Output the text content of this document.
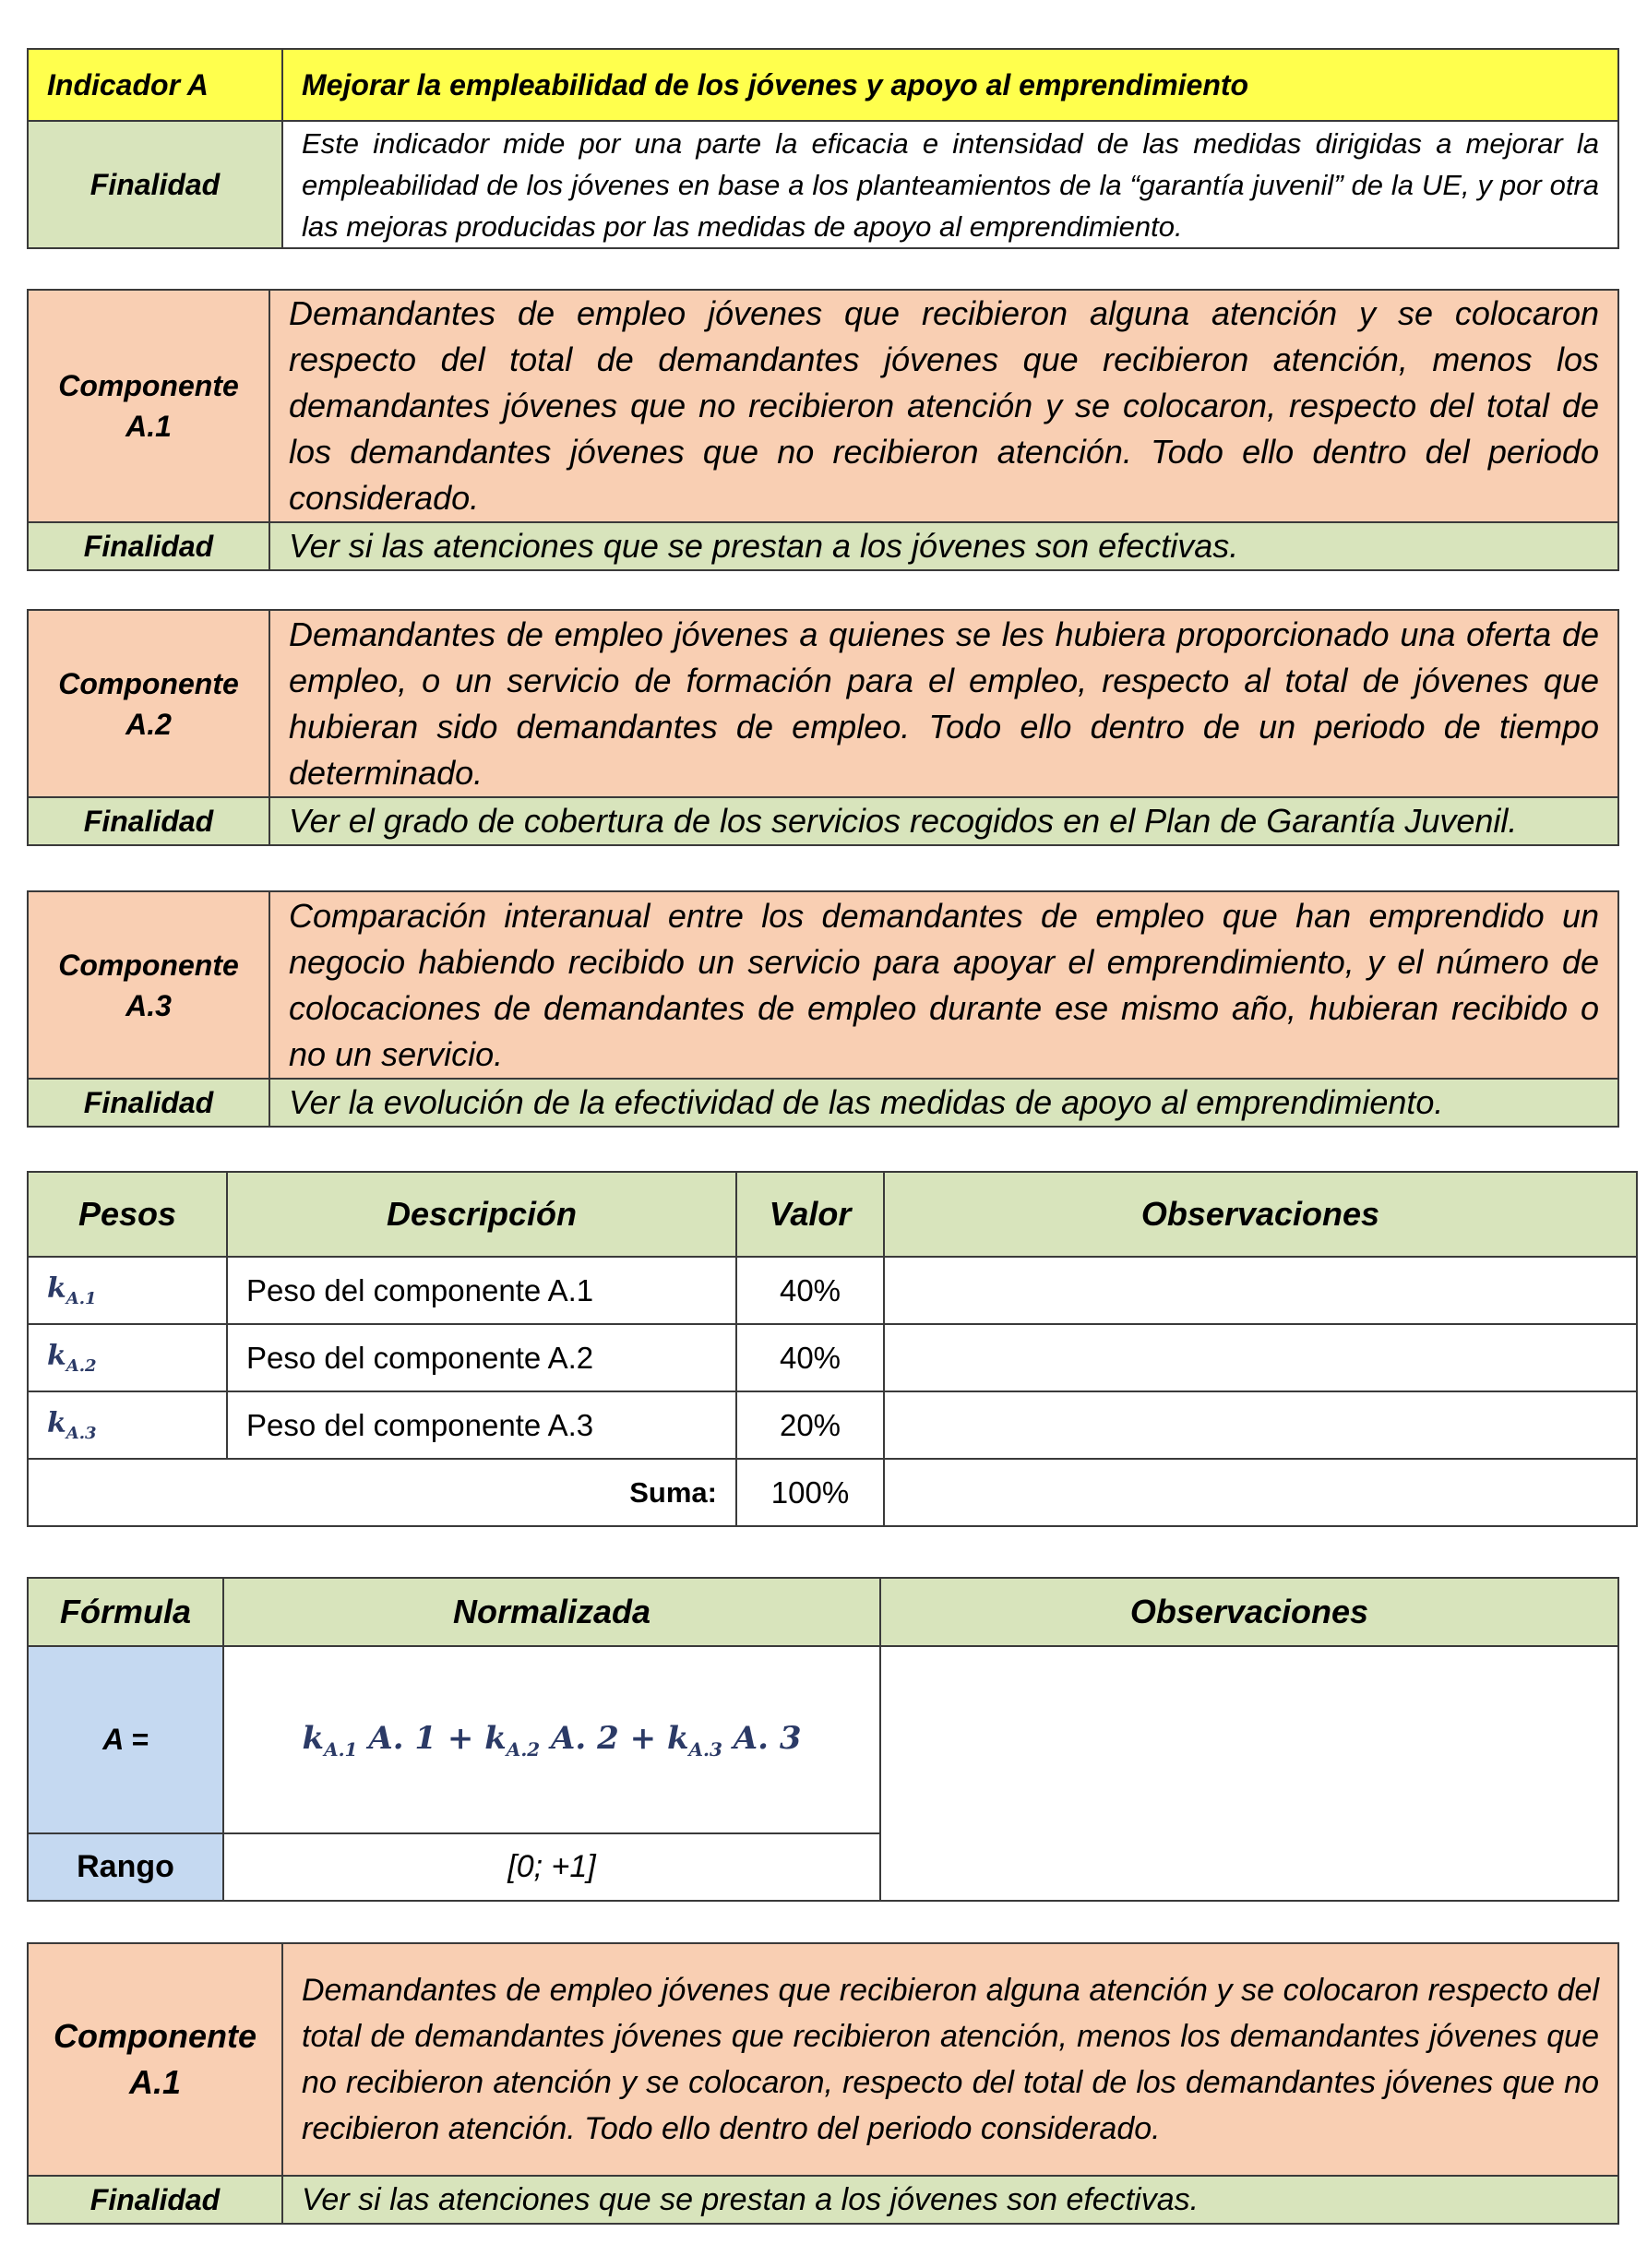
Indicador A	Mejorar la empleabilidad de los jóvenes y apoyo al emprendimiento
Finalidad	Este indicador mide por una parte la eficacia e intensidad de las medidas dirigidas a mejorar la empleabilidad de los jóvenes en base a los planteamientos de la “garantía juvenil” de la UE, y por otra las mejoras producidas por las medidas de apoyo al emprendimiento.
Componente A.1	Demandantes de empleo jóvenes que recibieron alguna atención y se colocaron respecto del total de demandantes jóvenes que recibieron atención, menos los demandantes jóvenes que no recibieron atención y se colocaron, respecto del total de los demandantes jóvenes que no recibieron atención. Todo ello dentro del periodo considerado.
Finalidad	Ver si las atenciones que se prestan a los jóvenes son efectivas.
Componente A.2	Demandantes de empleo jóvenes a quienes se les hubiera proporcionado una oferta de empleo, o un servicio de formación para el empleo, respecto al total de jóvenes que hubieran sido demandantes de empleo. Todo ello dentro de un periodo de tiempo determinado.
Finalidad	Ver el grado de cobertura de los servicios recogidos en el Plan de Garantía Juvenil.
Componente A.3	Comparación interanual entre los demandantes de empleo que han emprendido un negocio habiendo recibido un servicio para apoyar el emprendimiento, y el número de colocaciones de demandantes de empleo durante ese mismo año, hubieran recibido o no un servicio.
Finalidad	Ver la evolución de la efectividad de las medidas de apoyo al emprendimiento.
Pesos	Descripción	Valor	Observaciones
$k_{A.1}$	Peso del componente A.1	40%	
$k_{A.2}$	Peso del componente A.2	40%	
$k_{A.3}$	Peso del componente A.3	20%	
Suma:		100%	
Fórmula	Normalizada	Observaciones
A =	$k_{A.1}$ A. $1 + k_{A.2}$ A. $2 + k_{A.3}$ A. 3	
Rango	[0; +1]	
Componente A.1	Demandantes de empleo jóvenes que recibieron alguna atención y se colocaron respecto del total de demandantes jóvenes que recibieron atención, menos los demandantes jóvenes que no recibieron atención y se colocaron, respecto del total de los demandantes jóvenes que no recibieron atención. Todo ello dentro del periodo considerado.
Finalidad	Ver si las atenciones que se prestan a los jóvenes son efectivas.
